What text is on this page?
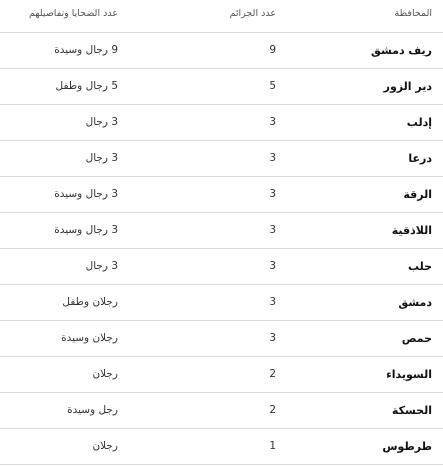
المحافظة
عدد الجرائم
عدد الضحايا وتفاصيلهم
ريف دمشق
9
9 رجال وسيدة
دير الزور
5
5 رجال وطفل
إدلب
3
3 رجال
درعا
3
3 رجال
الرقة
3
3 رجال وسيدة
اللاذقية
3
3 رجال وسيدة
حلب
3
3 رجال
دمشق
3
رجلان وطفل
حمص
3
رجلان وسيدة
السويداء
2
رجلان
الحسكة
2
رجل وسيدة
طرطوس
1
رجلان
